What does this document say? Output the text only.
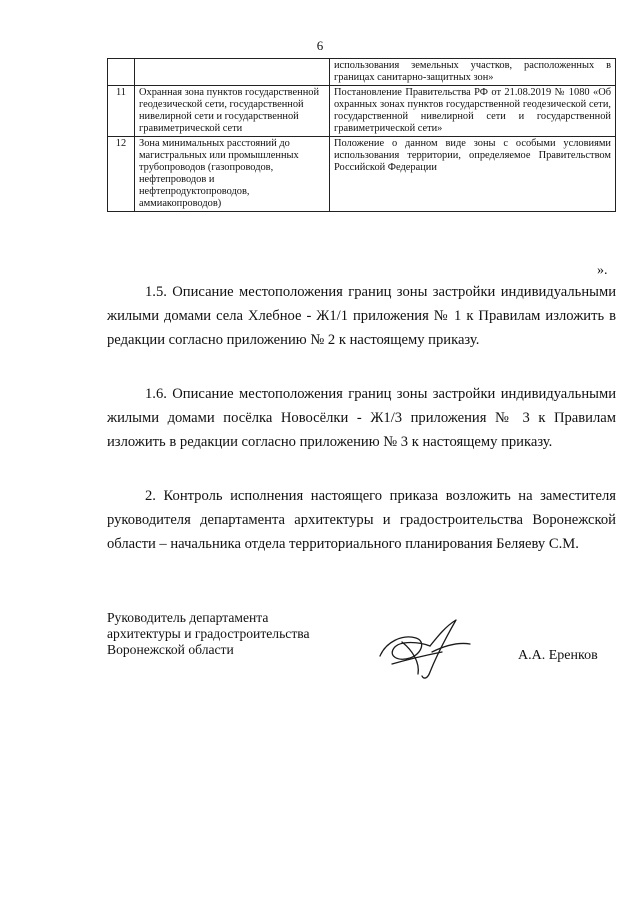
6

		использования земельных участков, расположенных в границах санитарно-защитных зон»

11	Охранная зона пунктов государственной геодезической сети, государственной нивелирной сети и государственной гравиметрической сети	Постановление Правительства РФ от 21.08.2019 № 1080 «Об охранных зонах пунктов государственной геодезической сети, государственной нивелирной сети и государственной гравиметрической сети»

12	Зона минимальных расстояний до магистральных или промышленных трубопроводов (газопроводов, нефтепроводов и нефтепродуктопроводов, аммиакопроводов)	Положение о данном виде зоны с особыми условиями использования территории, определяемое Правительством Российской Федерации
».
1.5. Описание местоположения границ зоны застройки индивидуальными жилыми домами села Хлебное - Ж1/1 приложения № 1 к Правилам изложить в редакции согласно приложению № 2 к настоящему приказу.
1.6. Описание местоположения границ зоны застройки индивидуальными жилыми домами посёлка Новосёлки - Ж1/3 приложения № 3 к Правилам изложить в редакции согласно приложению № 3 к настоящему приказу.
2. Контроль исполнения настоящего приказа возложить на заместителя руководителя департамента архитектуры и градостроительства Воронежской области – начальника отдела территориального планирования Беляеву С.М.
Руководитель департамента
архитектуры и градостроительства
Воронежской области	А.А. Еренков
